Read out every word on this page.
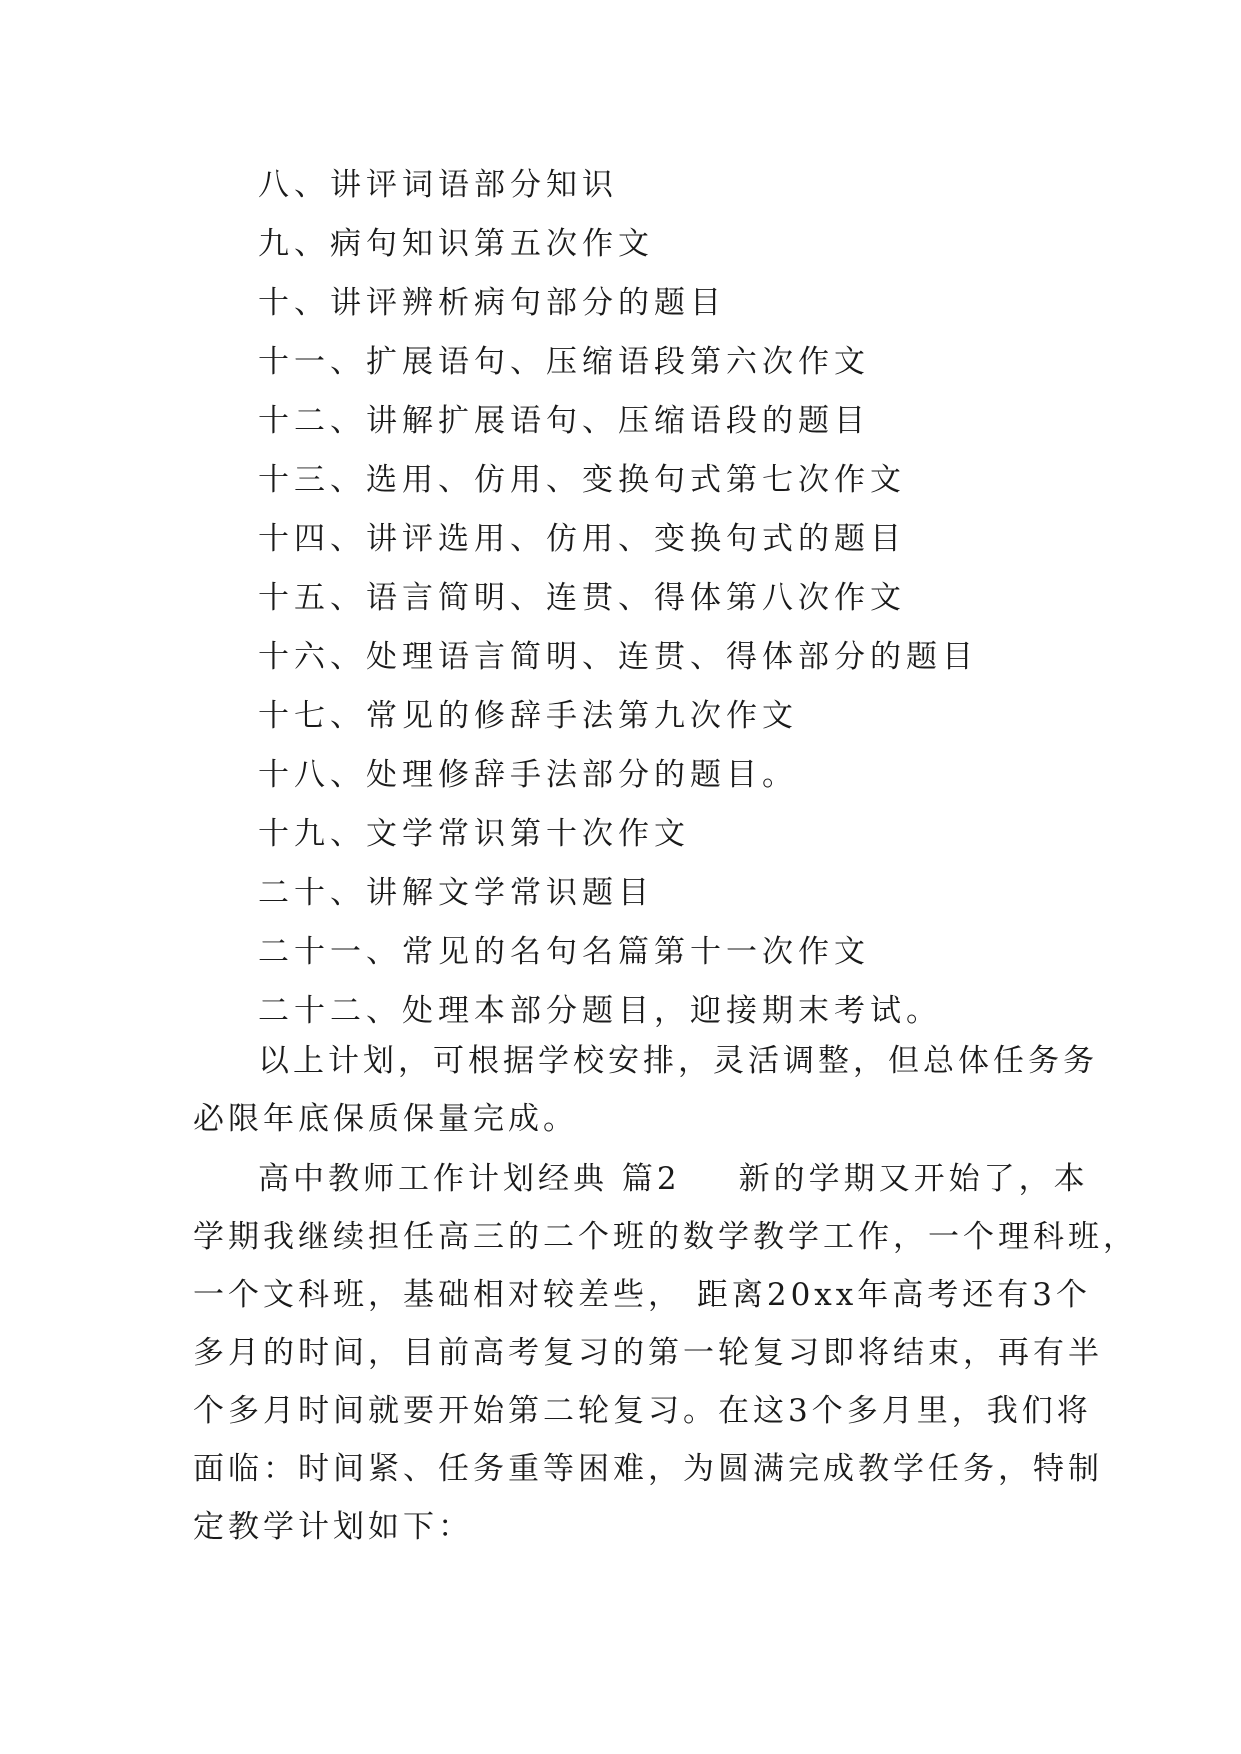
八、讲评词语部分知识
九、病句知识第五次作文
十、讲评辨析病句部分的题目
十一、扩展语句、压缩语段第六次作文
十二、讲解扩展语句、压缩语段的题目
十三、选用、仿用、变换句式第七次作文
十四、讲评选用、仿用、变换句式的题目
十五、语言简明、连贯、得体第八次作文
十六、处理语言简明、连贯、得体部分的题目
十七、常见的修辞手法第九次作文
十八、处理修辞手法部分的题目。
十九、文学常识第十次作文
二十、讲解文学常识题目
二十一、常见的名句名篇第十一次作文
二十二、处理本部分题目，迎接期末考试。
以上计划，可根据学校安排，灵活调整，但总体任务务
必限年底保质保量完成。
高中教师工作计划经典 篇2 新的学期又开始了，本
学期我继续担任高三的二个班的数学教学工作，一个理科班，
一个文科班，基础相对较差些， 距离20xx年高考还有3个
多月的时间，目前高考复习的第一轮复习即将结束，再有半
个多月时间就要开始第二轮复习。在这3个多月里，我们将
面临：时间紧、任务重等困难，为圆满完成教学任务，特制
定教学计划如下：
